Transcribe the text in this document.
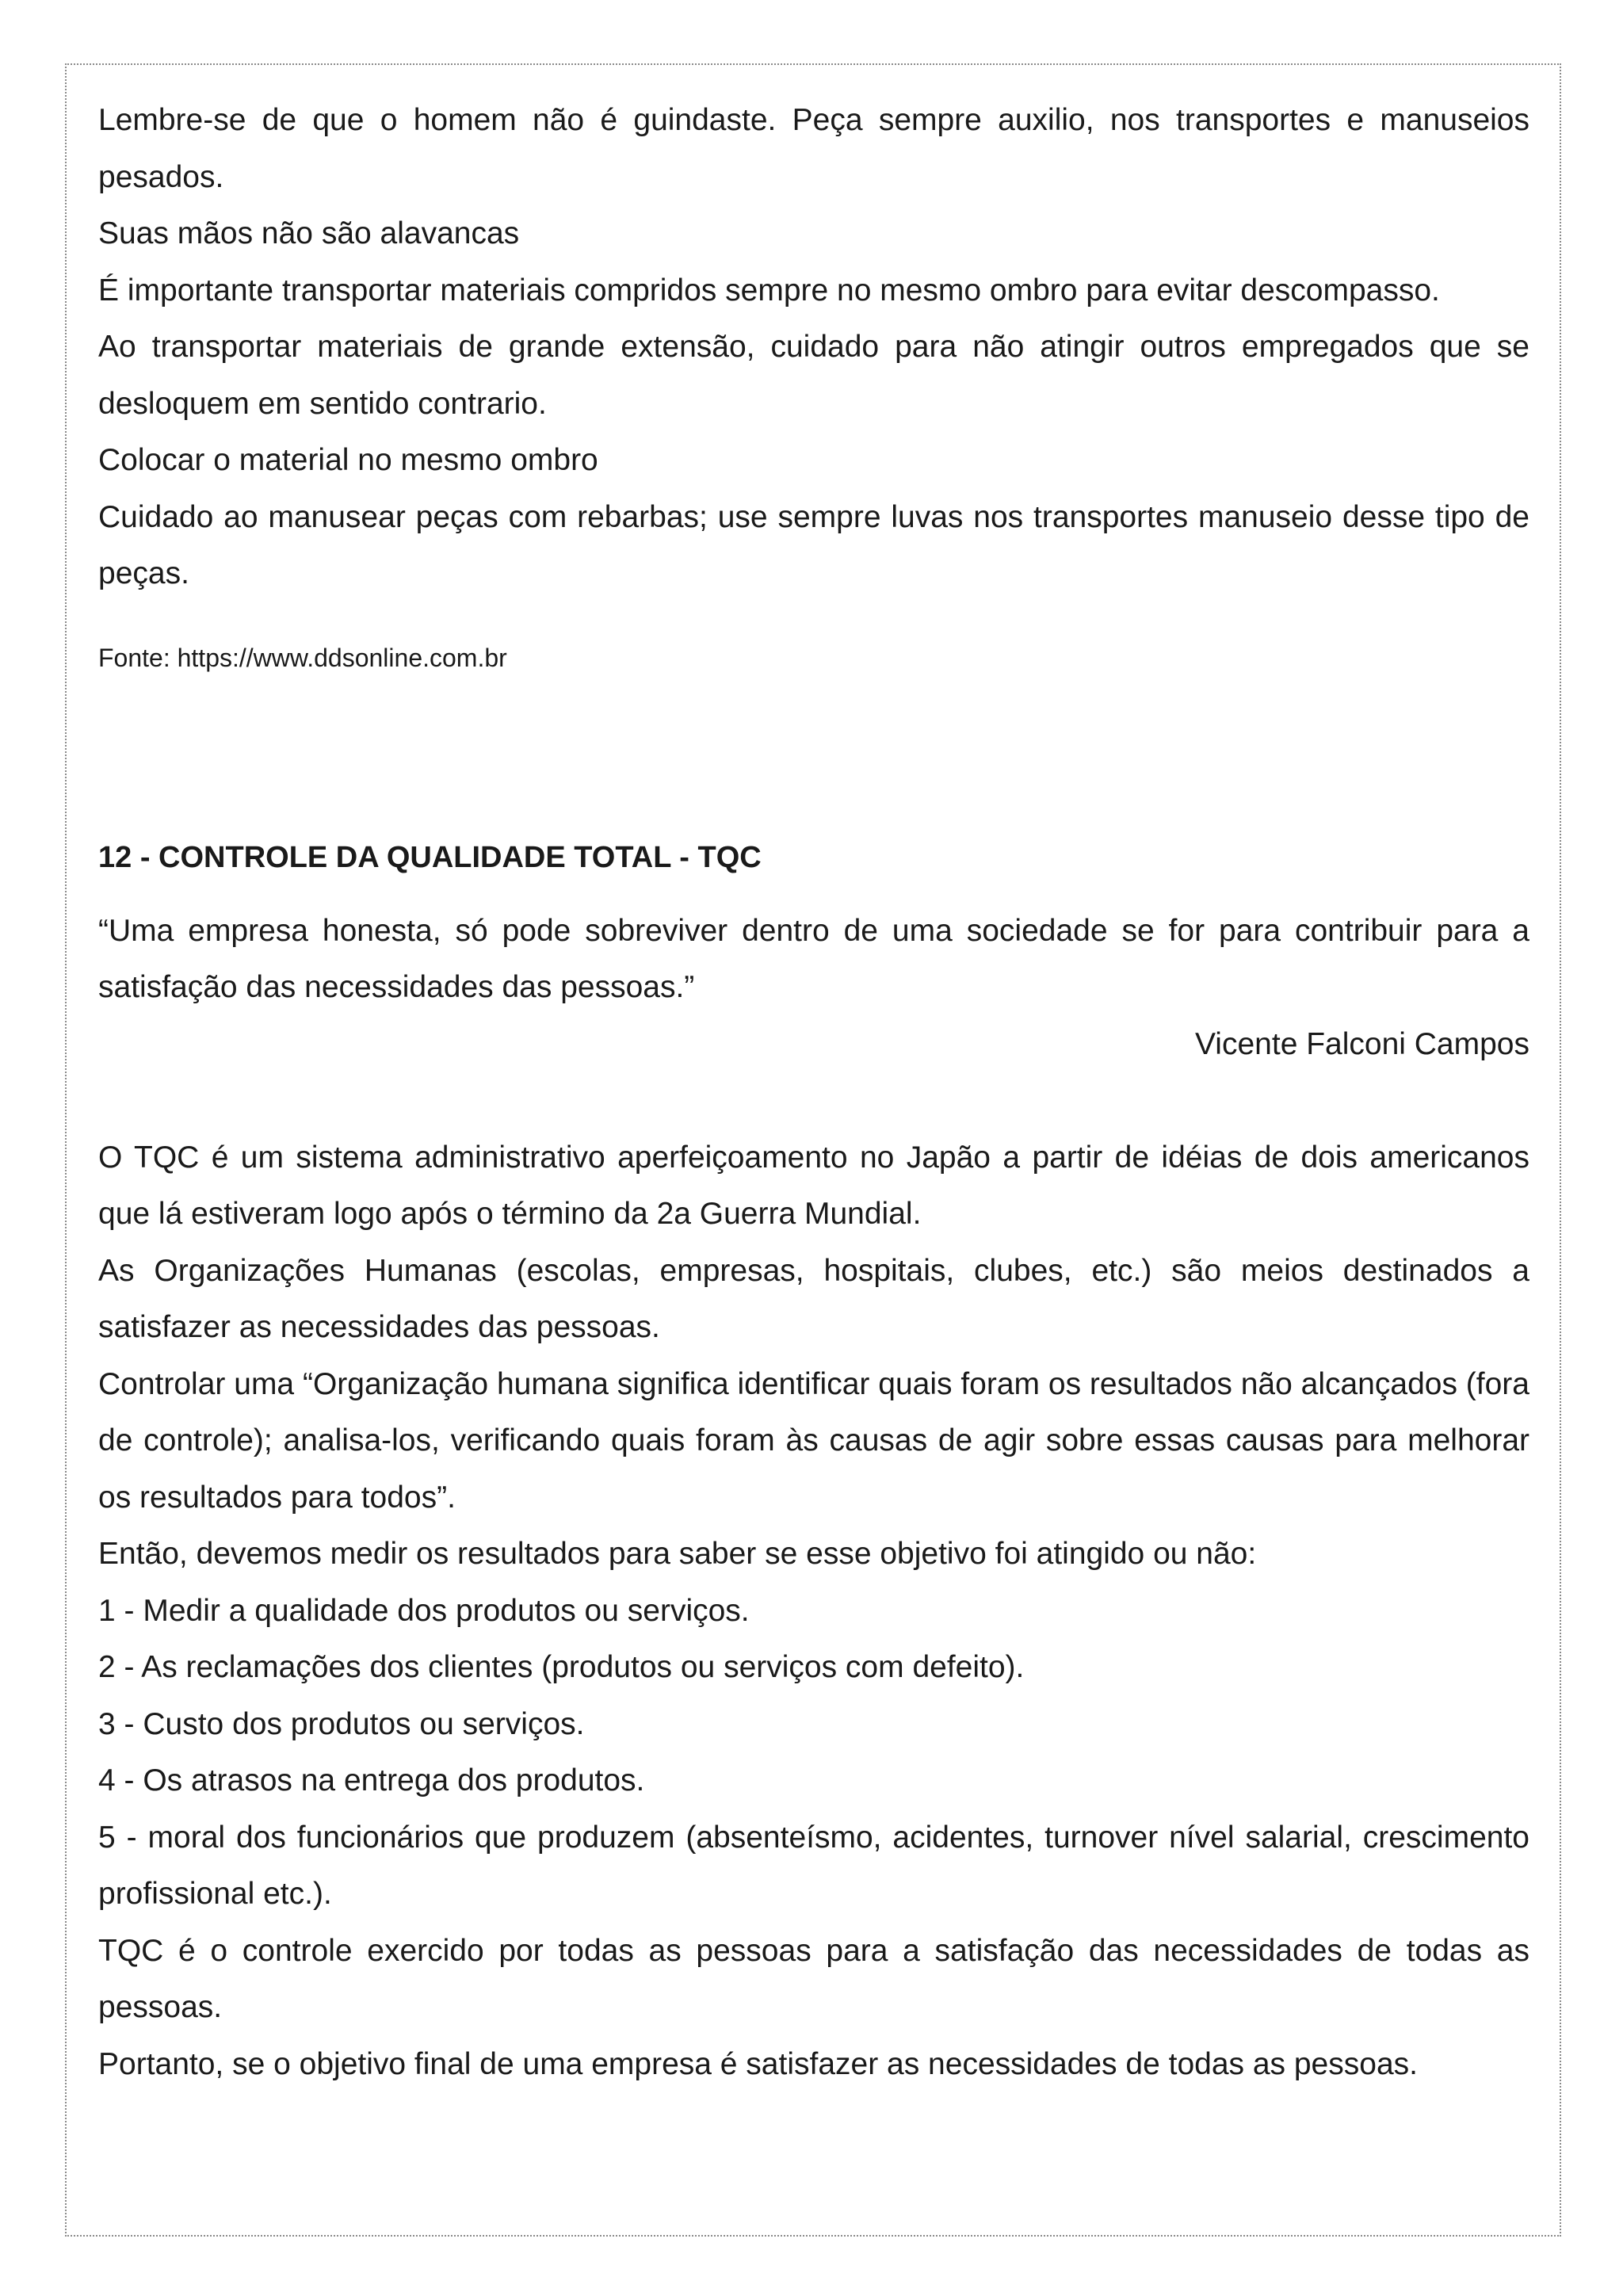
Lembre-se de que o homem não é guindaste. Peça sempre auxilio, nos transportes e manuseios pesados.

Suas mãos não são alavancas

É importante transportar materiais compridos sempre no mesmo ombro para evitar descompasso.

Ao transportar materiais de grande extensão, cuidado para não atingir outros empregados que se desloquem em sentido contrario.

Colocar o material no mesmo ombro

Cuidado ao manusear peças com rebarbas; use sempre luvas nos transportes manuseio desse tipo de peças.

Fonte: https://www.ddsonline.com.br

12 - CONTROLE DA QUALIDADE TOTAL - TQC

“Uma empresa honesta, só pode sobreviver dentro de uma sociedade se for para contribuir para a satisfação das necessidades das pessoas.”

Vicente Falconi Campos

O TQC é um sistema administrativo aperfeiçoamento no Japão a partir de idéias de dois americanos que lá estiveram logo após o término da 2a Guerra Mundial.

As Organizações Humanas (escolas, empresas, hospitais, clubes, etc.) são meios destinados a satisfazer as necessidades das pessoas.

Controlar uma “Organização humana significa identificar quais foram os resultados não alcançados (fora de controle); analisa-los, verificando quais foram às causas de agir sobre essas causas para melhorar os resultados para todos”.

Então, devemos medir os resultados para saber se esse objetivo foi atingido ou não:

1 - Medir a qualidade dos produtos ou serviços.

2 - As reclamações dos clientes (produtos ou serviços com defeito).

3 - Custo dos produtos ou serviços.

4 - Os atrasos na entrega dos produtos.

5 - moral dos funcionários que produzem (absenteísmo, acidentes, turnover nível salarial, crescimento profissional etc.).

TQC é o controle exercido por todas as pessoas para a satisfação das necessidades de todas as pessoas.

Portanto, se o objetivo final de uma empresa é satisfazer as necessidades de todas as pessoas.
